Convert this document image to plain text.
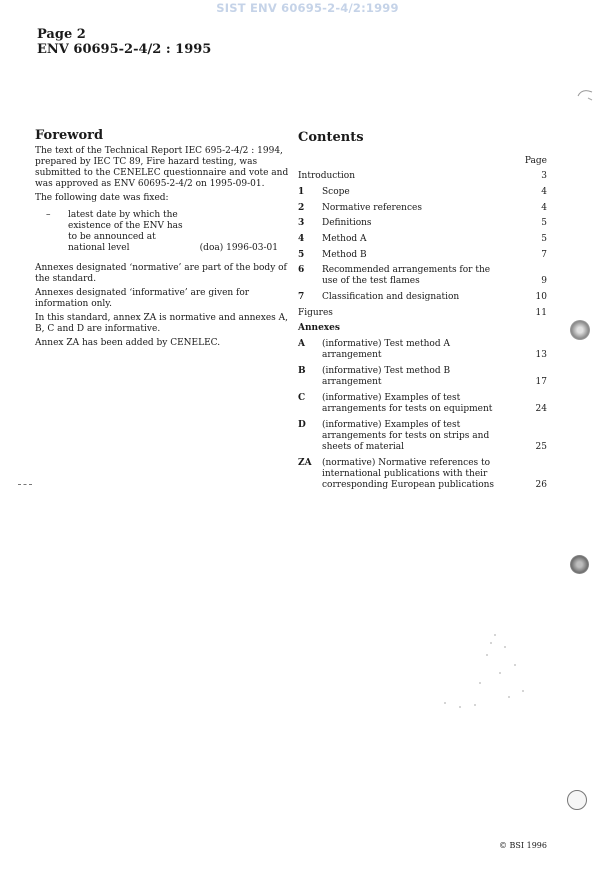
SIST ENV 60695-2-4/2:1999
Page 2
ENV 60695-2-4/2 : 1995
Foreword
The text of the Technical Report IEC 695-2-4/2 : 1994,
prepared by IEC TC 89, Fire hazard testing, was
submitted to the CENELEC questionnaire and vote and
was approved as ENV 60695-2-4/2 on 1995-09-01.
The following date was fixed:
–	latest date by which the
existence of the ENV has
to be announced at
national level	(doa) 1996-03-01
Annexes designated ‘normative’ are part of the body of
the standard.
Annexes designated ‘informative’ are given for
information only.
In this standard, annex ZA is normative and annexes A,
B, C and D are informative.
Annex ZA has been added by CENELEC.
Contents
Page
Introduction	3
1 Scope	4
2 Normative references	4
3 Definitions	5
4 Method A	5
5 Method B	7
6 Recommended arrangements for the
use of the test flames	9
7 Classification and designation	10
Figures	11
Annexes
A (informative) Test method A
arrangement	13
B (informative) Test method B
arrangement	17
C (informative) Examples of test
arrangements for tests on equipment	24
D (informative) Examples of test
arrangements for tests on strips and
sheets of material	25
ZA (normative) Normative references to
international publications with their
corresponding European publications	26
© BSI 1996
